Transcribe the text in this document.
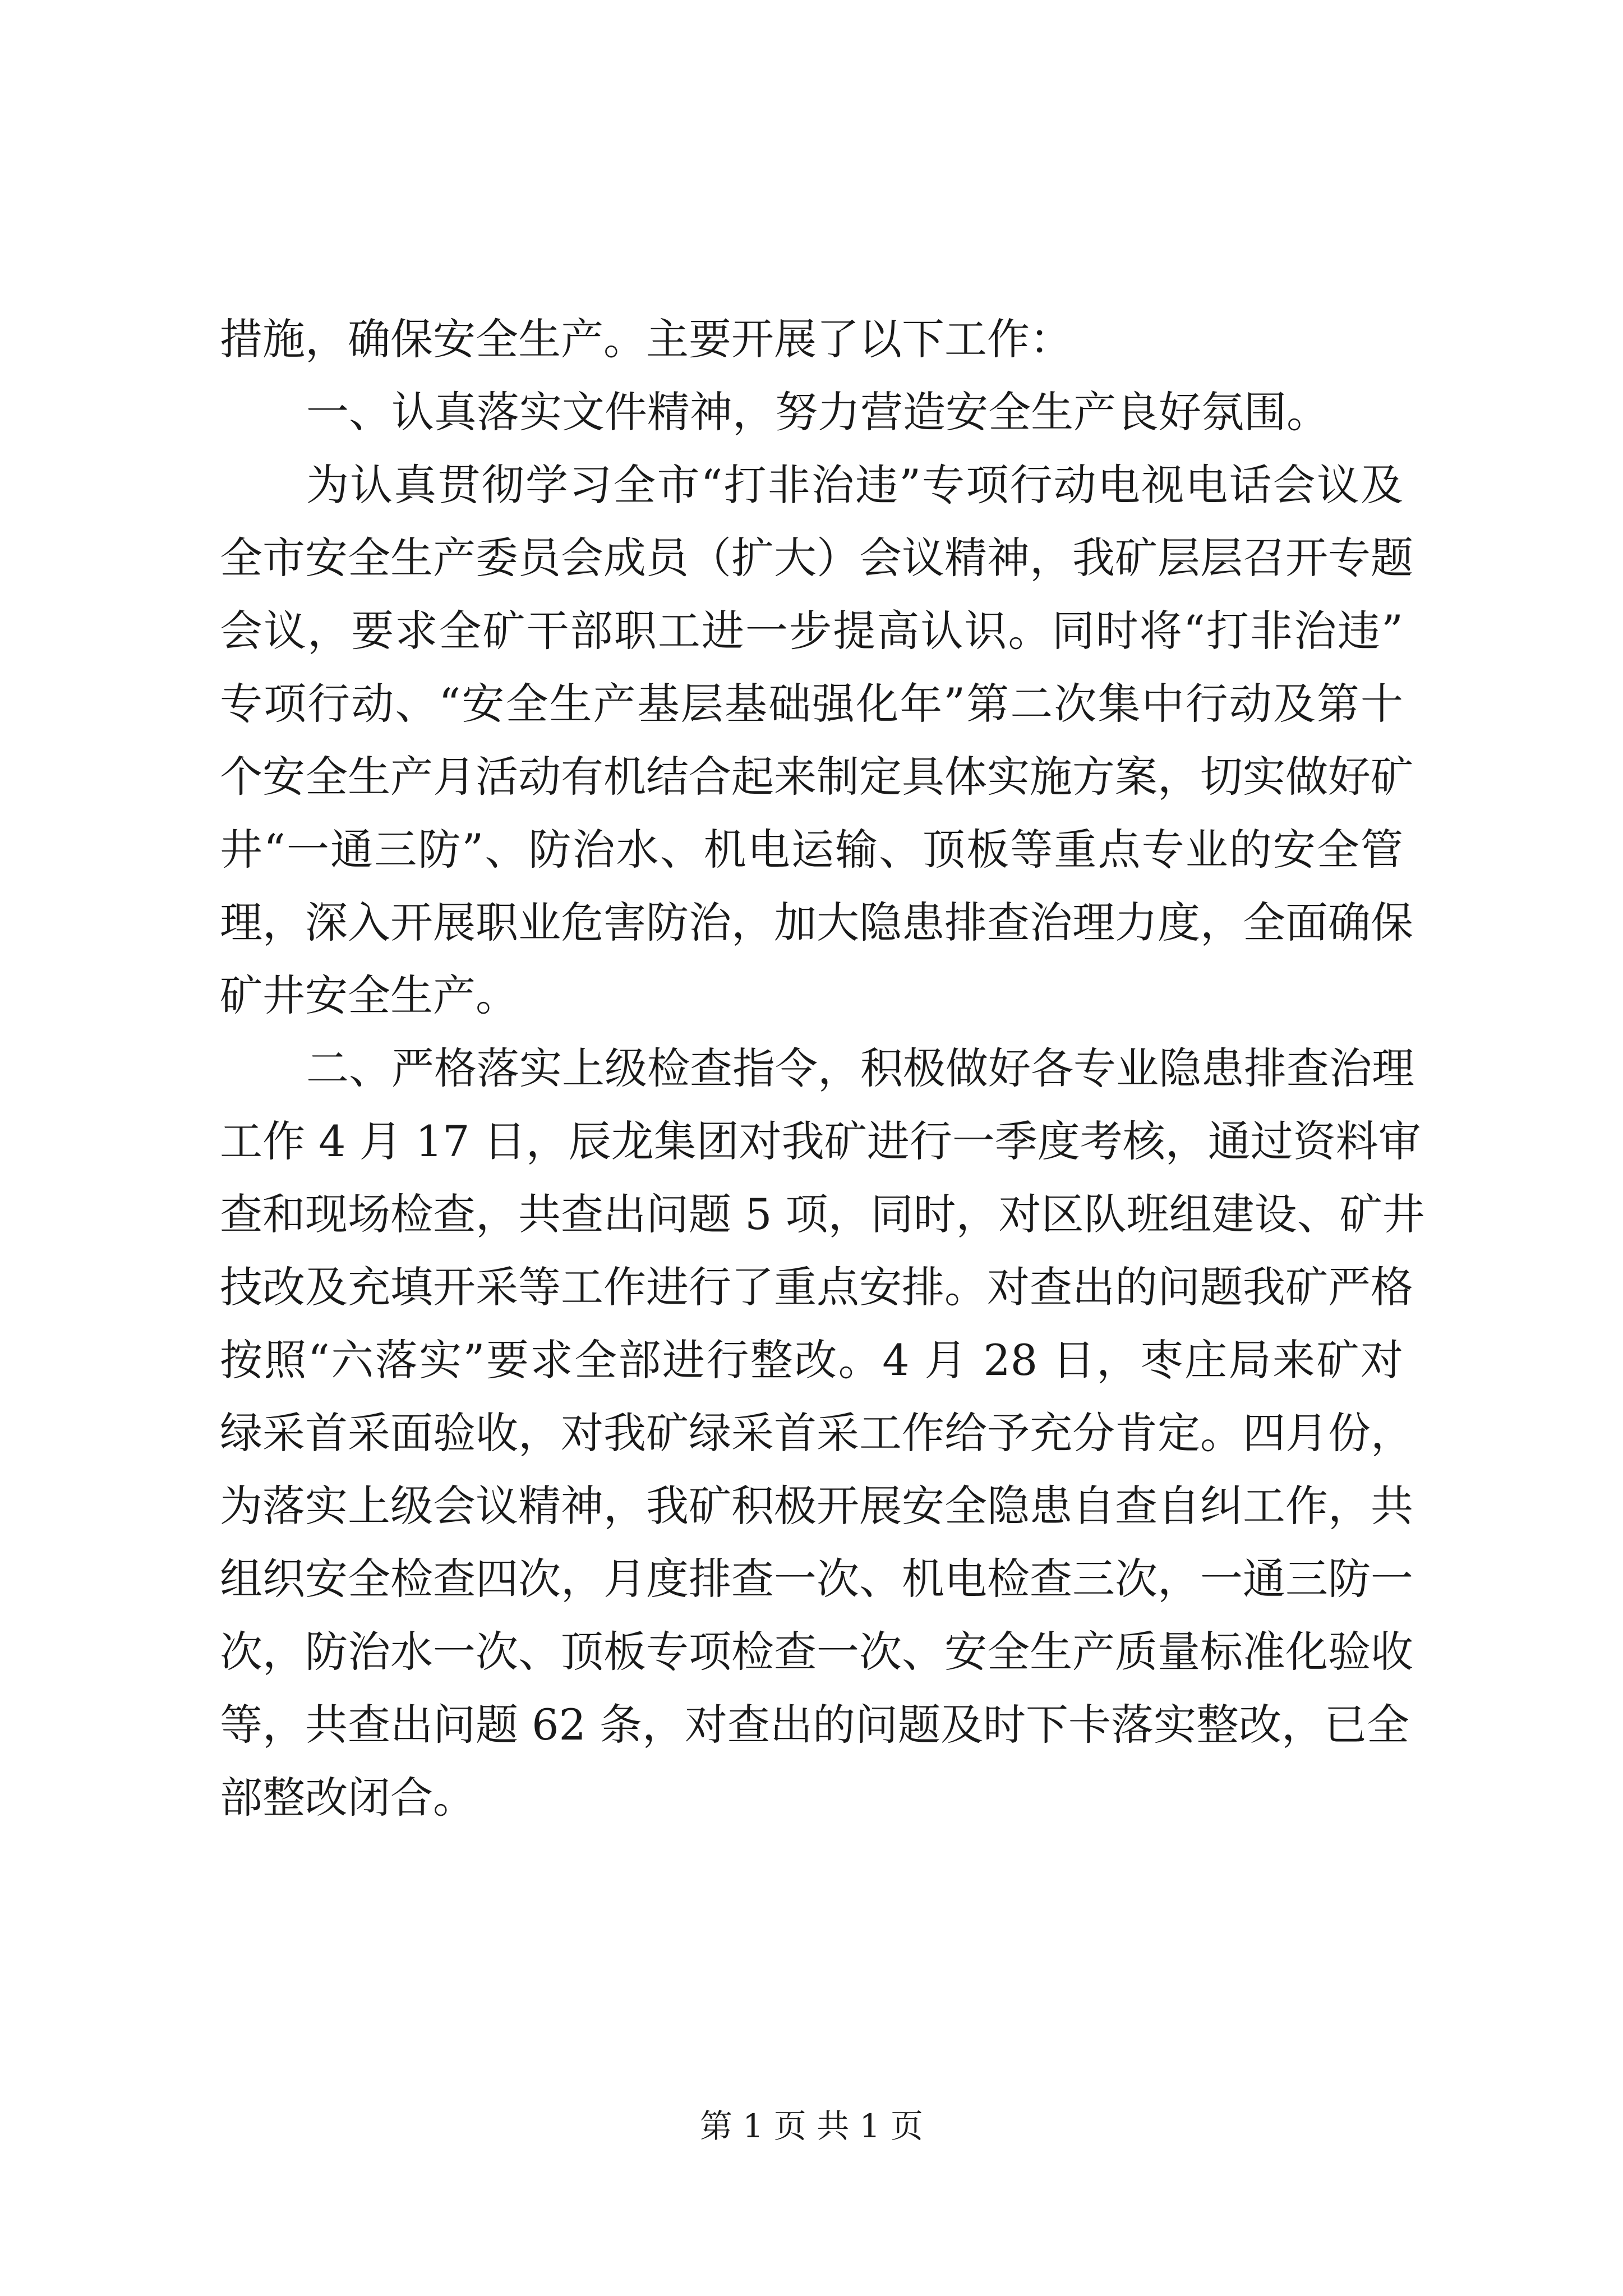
措施，确保安全生产。主要开展了以下工作：
一、认真落实文件精神，努力营造安全生产良好氛围。
为认真贯彻学习全市“打非治违”专项行动电视电话会议及
全市安全生产委员会成员（扩大）会议精神，我矿层层召开专题
会议，要求全矿干部职工进一步提高认识。同时将“打非治违”
专项行动、“安全生产基层基础强化年”第二次集中行动及第十
个安全生产月活动有机结合起来制定具体实施方案，切实做好矿
井“一通三防”、防治水、机电运输、顶板等重点专业的安全管
理，深入开展职业危害防治，加大隐患排查治理力度，全面确保
矿井安全生产。
二、严格落实上级检查指令，积极做好各专业隐患排查治理
工作 4 月 17 日，辰龙集团对我矿进行一季度考核，通过资料审
查和现场检查，共查出问题 5 项，同时，对区队班组建设、矿井
技改及充填开采等工作进行了重点安排。对查出的问题我矿严格
按照“六落实”要求全部进行整改。4 月 28 日，枣庄局来矿对
绿采首采面验收，对我矿绿采首采工作给予充分肯定。四月份，
为落实上级会议精神，我矿积极开展安全隐患自查自纠工作，共
组织安全检查四次，月度排查一次、机电检查三次，一通三防一
次，防治水一次、顶板专项检查一次、安全生产质量标准化验收
等，共查出问题 62 条，对查出的问题及时下卡落实整改，已全
部整改闭合。
第 1 页 共 1 页
